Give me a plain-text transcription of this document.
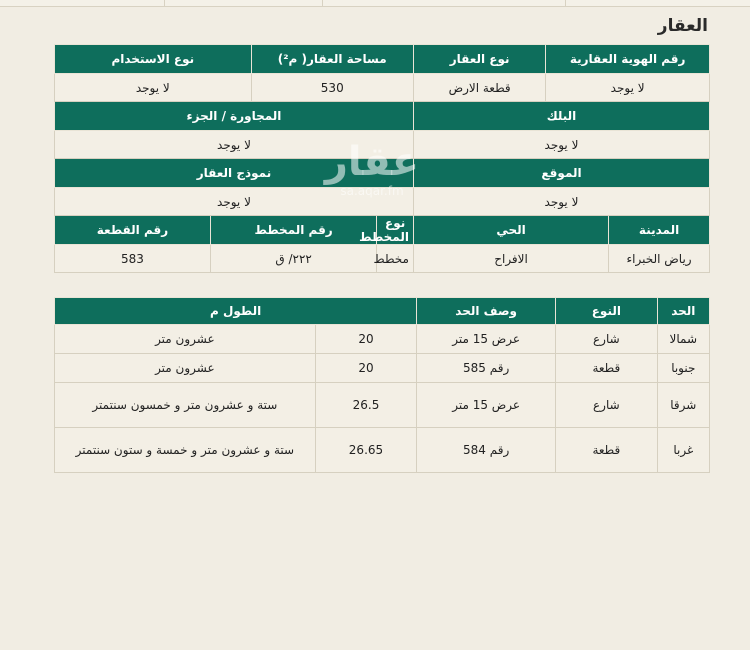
العقار
رقم الهوية العقارية		نوع العقار	مساحة العقار( م²)		نوع الاستخدام	
لا يوجد		قطعة الارض	530		لا يوجد	
البلك			المجاورة / الجزء			
لا يوجد			لا يوجد			
الموقع			نموذج العقار			
لا يوجد			لا يوجد			
المدينة	الحي		نوع المخطط	رقم المخطط		رقم القطعة
رياض الخبراء	الافراح		مخطط	٢٢٢/ ق		583
عقار
sa.aqar.fm
الحد	النوع	وصف الحد	الطول م	
شمالا	شارع	عرض 15 متر	20	عشرون متر
جنوبا	قطعة	رقم 585	20	عشرون متر
شرقا	شارع	عرض 15 متر	26.5	ستة و عشرون متر و خمسون سنتمتر
غربا	قطعة	رقم 584	26.65	ستة و عشرون متر و خمسة و ستون سنتمتر
